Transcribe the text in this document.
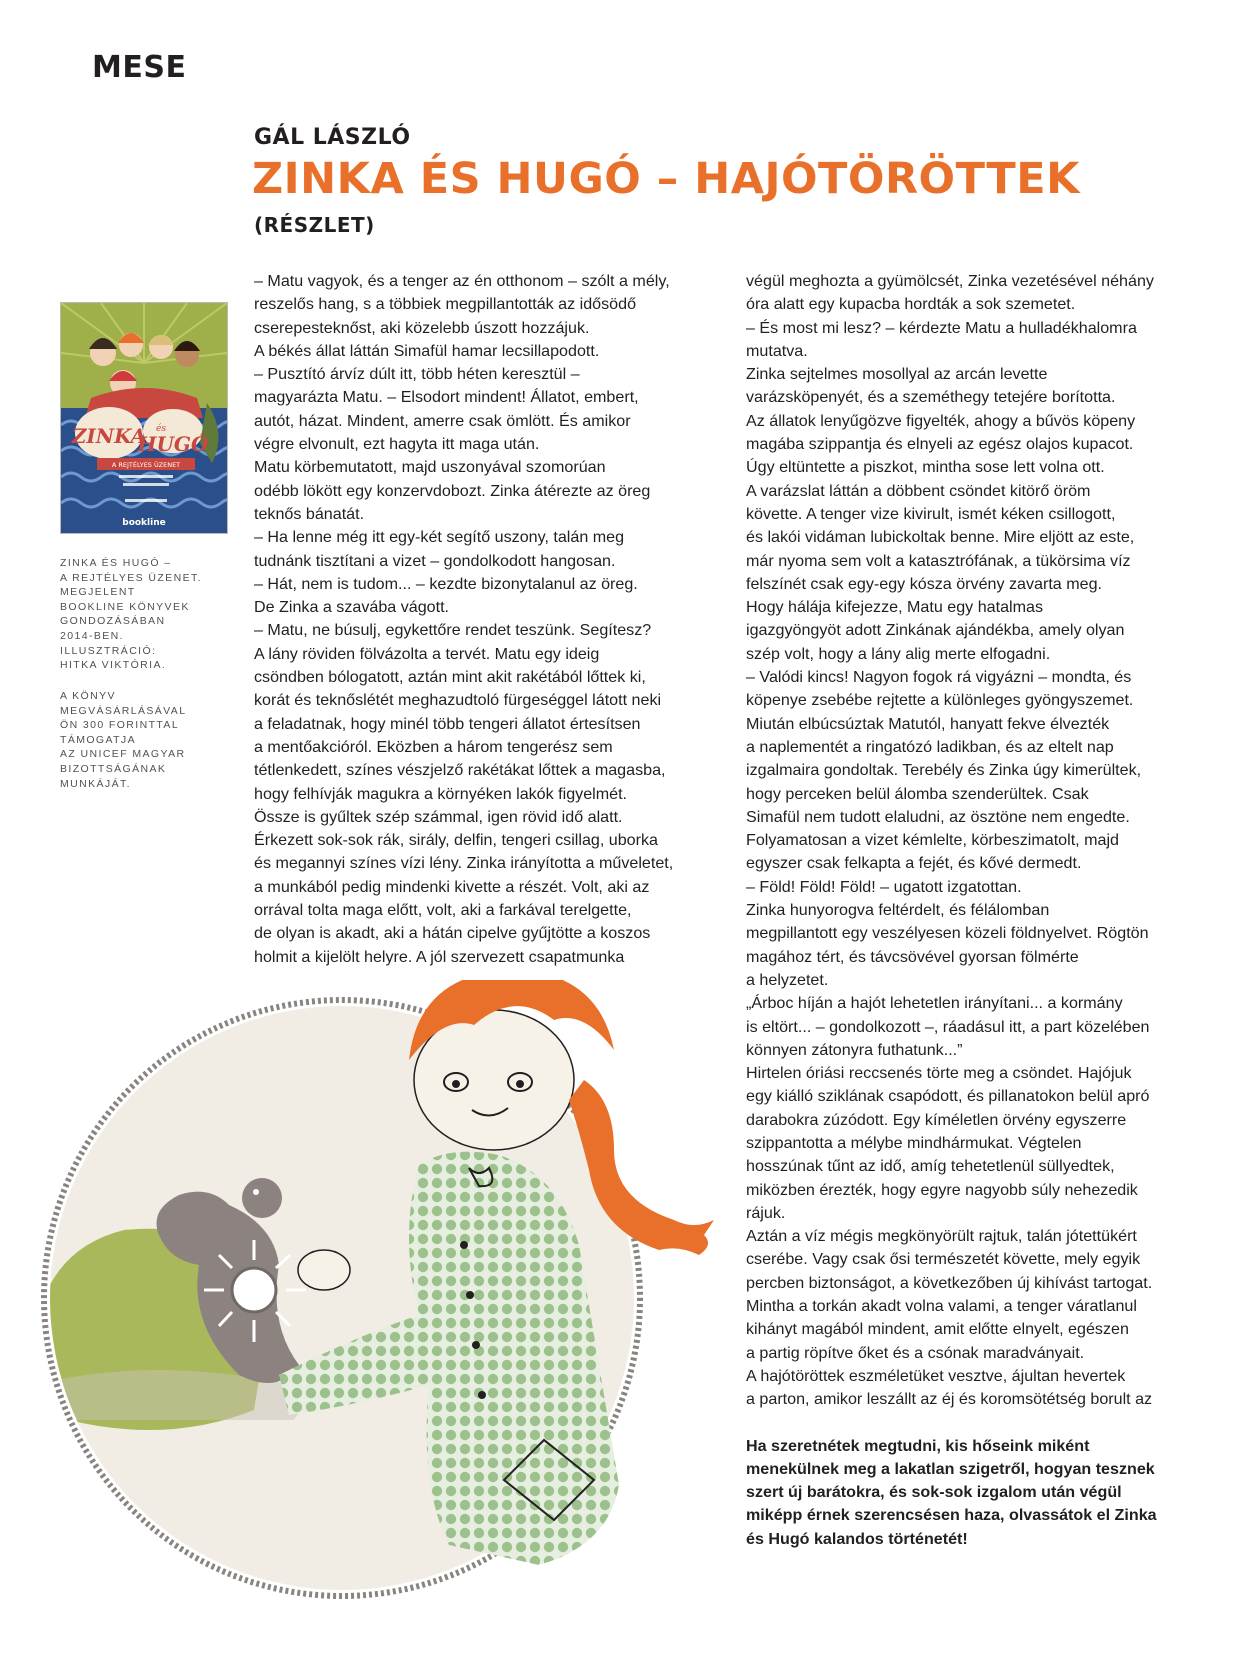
MESE
GÁL LÁSZLÓ
ZINKA ÉS HUGÓ – HAJÓTÖRÖTTEK
(RÉSZLET)
ZINKA és
HUGÓ
A REJTÉLYES ÜZENET
bookline
ZINKA ÉS HUGÓ –
A REJTÉLYES ÜZENET.
MEGJELENT
BOOKLINE KÖNYVEK
GONDOZÁSÁBAN
2014-BEN.
ILLUSZTRÁCIÓ:
HITKA VIKTÓRIA.
A KÖNYV
MEGVÁSÁRLÁSÁVAL
ÖN 300 FORINTTAL
TÁMOGATJA
AZ UNICEF MAGYAR
BIZOTTSÁGÁNAK
MUNKÁJÁT.

– Matu vagyok, és a tenger az én otthonom – szólt a mély,

reszelős hang, s a többiek megpillantották az idősödő

cserepesteknőst, aki közelebb úszott hozzájuk.

A békés állat láttán Simafül hamar lecsillapodott.

– Pusztító árvíz dúlt itt, több héten keresztül –

magyarázta Matu. – Elsodort mindent! Állatot, embert,

autót, házat. Mindent, amerre csak ömlött. És amikor

végre elvonult, ezt hagyta itt maga után.

Matu körbemutatott, majd uszonyával szomorúan

odébb lökött egy konzervdobozt. Zinka átérezte az öreg

teknős bánatát.

– Ha lenne még itt egy-két segítő uszony, talán meg

tudnánk tisztítani a vizet – gondolkodott hangosan.

– Hát, nem is tudom... – kezdte bizonytalanul az öreg.

De Zinka a szavába vágott.

– Matu, ne búsulj, egykettőre rendet teszünk. Segítesz?

A lány röviden fölvázolta a tervét. Matu egy ideig

csöndben bólogatott, aztán mint akit rakétából lőttek ki,

korát és teknőslétét meghazudtoló fürgeséggel látott neki

a feladatnak, hogy minél több tengeri állatot értesítsen

a mentőakcióról. Eközben a három tengerész sem

tétlenkedett, színes vészjelző rakétákat lőttek a magasba,

hogy felhívják magukra a környéken lakók figyelmét.

Össze is gyűltek szép számmal, igen rövid idő alatt.

Érkezett sok-sok rák, sirály, delfin, tengeri csillag, uborka

és megannyi színes vízi lény. Zinka irányította a műveletet,

a munkából pedig mindenki kivette a részét. Volt, aki az

orrával tolta maga előtt, volt, aki a farkával terelgette,

de olyan is akadt, aki a hátán cipelve gyűjtötte a koszos

holmit a kijelölt helyre. A jól szervezett csapatmunka

végül meghozta a gyümölcsét, Zinka vezetésével néhány

óra alatt egy kupacba hordták a sok szemetet.

– És most mi lesz? – kérdezte Matu a hulladékhalomra

mutatva.

Zinka sejtelmes mosollyal az arcán levette

varázsköpenyét, és a szeméthegy tetejére borította.

Az állatok lenyűgözve figyelték, ahogy a bűvös köpeny

magába szippantja és elnyeli az egész olajos kupacot.

Úgy eltüntette a piszkot, mintha sose lett volna ott.

A varázslat láttán a döbbent csöndet kitörő öröm

követte. A tenger vize kivirult, ismét kéken csillogott,

és lakói vidáman lubickoltak benne. Mire eljött az este,

már nyoma sem volt a katasztrófának, a tükörsima víz

felszínét csak egy-egy kósza örvény zavarta meg.

Hogy hálája kifejezze, Matu egy hatalmas

igazgyöngyöt adott Zinkának ajándékba, amely olyan

szép volt, hogy a lány alig merte elfogadni.

– Valódi kincs! Nagyon fogok rá vigyázni – mondta, és

köpenye zsebébe rejtette a különleges gyöngyszemet.

Miután elbúcsúztak Matutól, hanyatt fekve élvezték

a naplementét a ringatózó ladikban, és az eltelt nap

izgalmaira gondoltak. Terebély és Zinka úgy kimerültek,

hogy perceken belül álomba szenderültek. Csak

Simafül nem tudott elaludni, az ösztöne nem engedte.

Folyamatosan a vizet kémlelte, körbeszimatolt, majd

egyszer csak felkapta a fejét, és kővé dermedt.

– Föld! Föld! Föld! – ugatott izgatottan.

Zinka hunyorogva feltérdelt, és félálomban

megpillantott egy veszélyesen közeli földnyelvet. Rögtön

magához tért, és távcsövével gyorsan fölmérte

a helyzetet.

„Árboc híján a hajót lehetetlen irányítani... a kormány

is eltört... – gondolkozott –, ráadásul itt, a part közelében

könnyen zátonyra futhatunk...”

Hirtelen óriási reccsenés törte meg a csöndet. Hajójuk

egy kiálló sziklának csapódott, és pillanatokon belül apró

darabokra zúzódott. Egy kíméletlen örvény egyszerre

szippantotta a mélybe mindhármukat. Végtelen

hosszúnak tűnt az idő, amíg tehetetlenül süllyedtek,

miközben érezték, hogy egyre nagyobb súly nehezedik

rájuk.

Aztán a víz mégis megkönyörült rajtuk, talán jótettükért

cserébe. Vagy csak ősi természetét követte, mely egyik

percben biztonságot, a következőben új kihívást tartogat.

Mintha a torkán akadt volna valami, a tenger váratlanul

kihányt magából mindent, amit előtte elnyelt, egészen

a partig röpítve őket és a csónak maradványait.

A hajótöröttek eszméletüket vesztve, ájultan hevertek

a parton, amikor leszállt az éj és koromsötétség borult az

Ha szeretnétek megtudni, kis hőseink miként

menekülnek meg a lakatlan szigetről, hogyan tesznek

szert új barátokra, és sok-sok izgalom után végül

miképp érnek szerencsésen haza, olvassátok el Zinka

és Hugó kalandos történetét!
